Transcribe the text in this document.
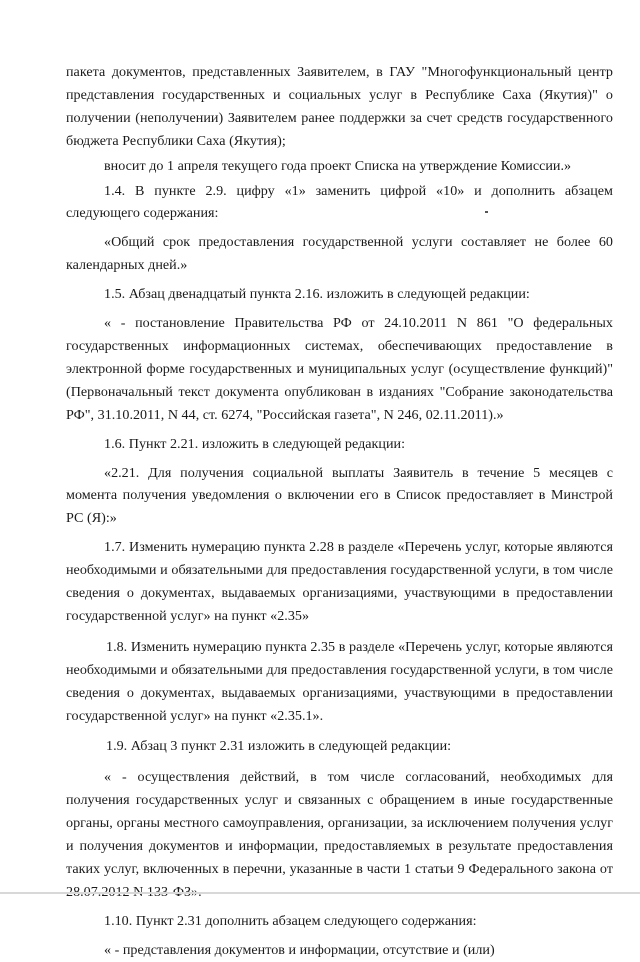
пакета документов, представленных Заявителем, в ГАУ "Многофункциональный центр представления государственных и социальных услуг в Республике Саха (Якутия)" о получении (неполучении) Заявителем ранее поддержки за счет средств государственного бюджета Республики Саха (Якутия);

вносит до 1 апреля текущего года проект Списка на утверждение Комиссии.»

1.4. В пункте 2.9. цифру «1» заменить цифрой «10» и дополнить абзацем следующего содержания:

«Общий срок предоставления государственной услуги составляет не более 60 календарных дней.»

1.5. Абзац двенадцатый пункта 2.16. изложить в следующей редакции:

« - постановление Правительства РФ от 24.10.2011 N 861 "О федеральных государственных информационных системах, обеспечивающих предоставление в электронной форме государственных и муниципальных услуг (осуществление функций)" (Первоначальный текст документа опубликован в изданиях "Собрание законодательства РФ", 31.10.2011, N 44, ст. 6274, "Российская газета", N 246, 02.11.2011).»

1.6. Пункт 2.21. изложить в следующей редакции:

«2.21. Для получения социальной выплаты Заявитель в течение 5 месяцев с момента получения уведомления о включении его в Список предоставляет в Минстрой РС (Я):»

1.7. Изменить нумерацию пункта 2.28 в разделе «Перечень услуг, которые являются необходимыми и обязательными для предоставления государственной услуги, в том числе сведения о документах, выдаваемых организациями, участвующими в предоставлении государственной услуг» на пункт «2.35»

1.8. Изменить нумерацию пункта 2.35 в разделе «Перечень услуг, которые являются необходимыми и обязательными для предоставления государственной услуги, в том числе сведения о документах, выдаваемых организациями, участвующими в предоставлении государственной услуг» на пункт «2.35.1».

1.9. Абзац 3 пункт 2.31 изложить в следующей редакции:

« - осуществления действий, в том числе согласований, необходимых для получения государственных услуг и связанных с обращением в иные государственные органы, органы местного самоуправления, организации, за исключением получения услуг и получения документов и информации, предоставляемых в результате предоставления таких услуг, включенных в перечни, указанные в части 1 статьи 9 Федерального закона от

1.10. Пункт 2.31 дополнить абзацем следующего содержания:

« - представления документов и информации, отсутствие и (или)
